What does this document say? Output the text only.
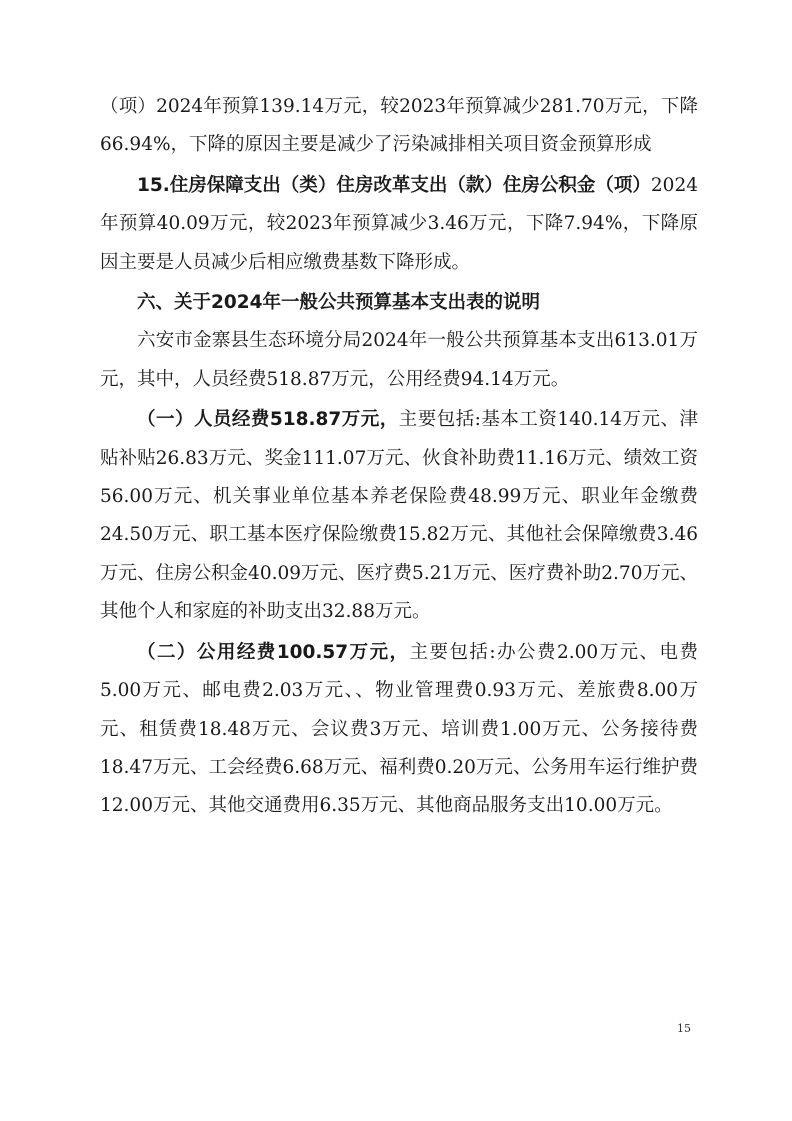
（项）2024年预算139.14万元，较2023年预算减少281.70万元，下降66.94%，下降的原因主要是减少了污染减排相关项目资金预算形成

15.住房保障支出（类）住房改革支出（款）住房公积金（项）2024年预算40.09万元，较2023年预算减少3.46万元，下降7.94%，下降原因主要是人员减少后相应缴费基数下降形成。

六、关于2024年一般公共预算基本支出表的说明

六安市金寨县生态环境分局2024年一般公共预算基本支出613.01万元，其中，人员经费518.87万元，公用经费94.14万元。

（一）人员经费518.87万元，主要包括:基本工资140.14万元、津贴补贴26.83万元、奖金111.07万元、伙食补助费11.16万元、绩效工资56.00万元、机关事业单位基本养老保险费48.99万元、职业年金缴费24.50万元、职工基本医疗保险缴费15.82万元、其他社会保障缴费3.46万元、住房公积金40.09万元、医疗费5.21万元、医疗费补助2.70万元、其他个人和家庭的补助支出32.88万元。

（二）公用经费100.57万元，主要包括:办公费2.00万元、电费5.00万元、邮电费2.03万元、、物业管理费0.93万元、差旅费8.00万元、租赁费18.48万元、会议费3万元、培训费1.00万元、公务接待费18.47万元、工会经费6.68万元、福利费0.20万元、公务用车运行维护费12.00万元、其他交通费用6.35万元、其他商品服务支出10.00万元。

15
